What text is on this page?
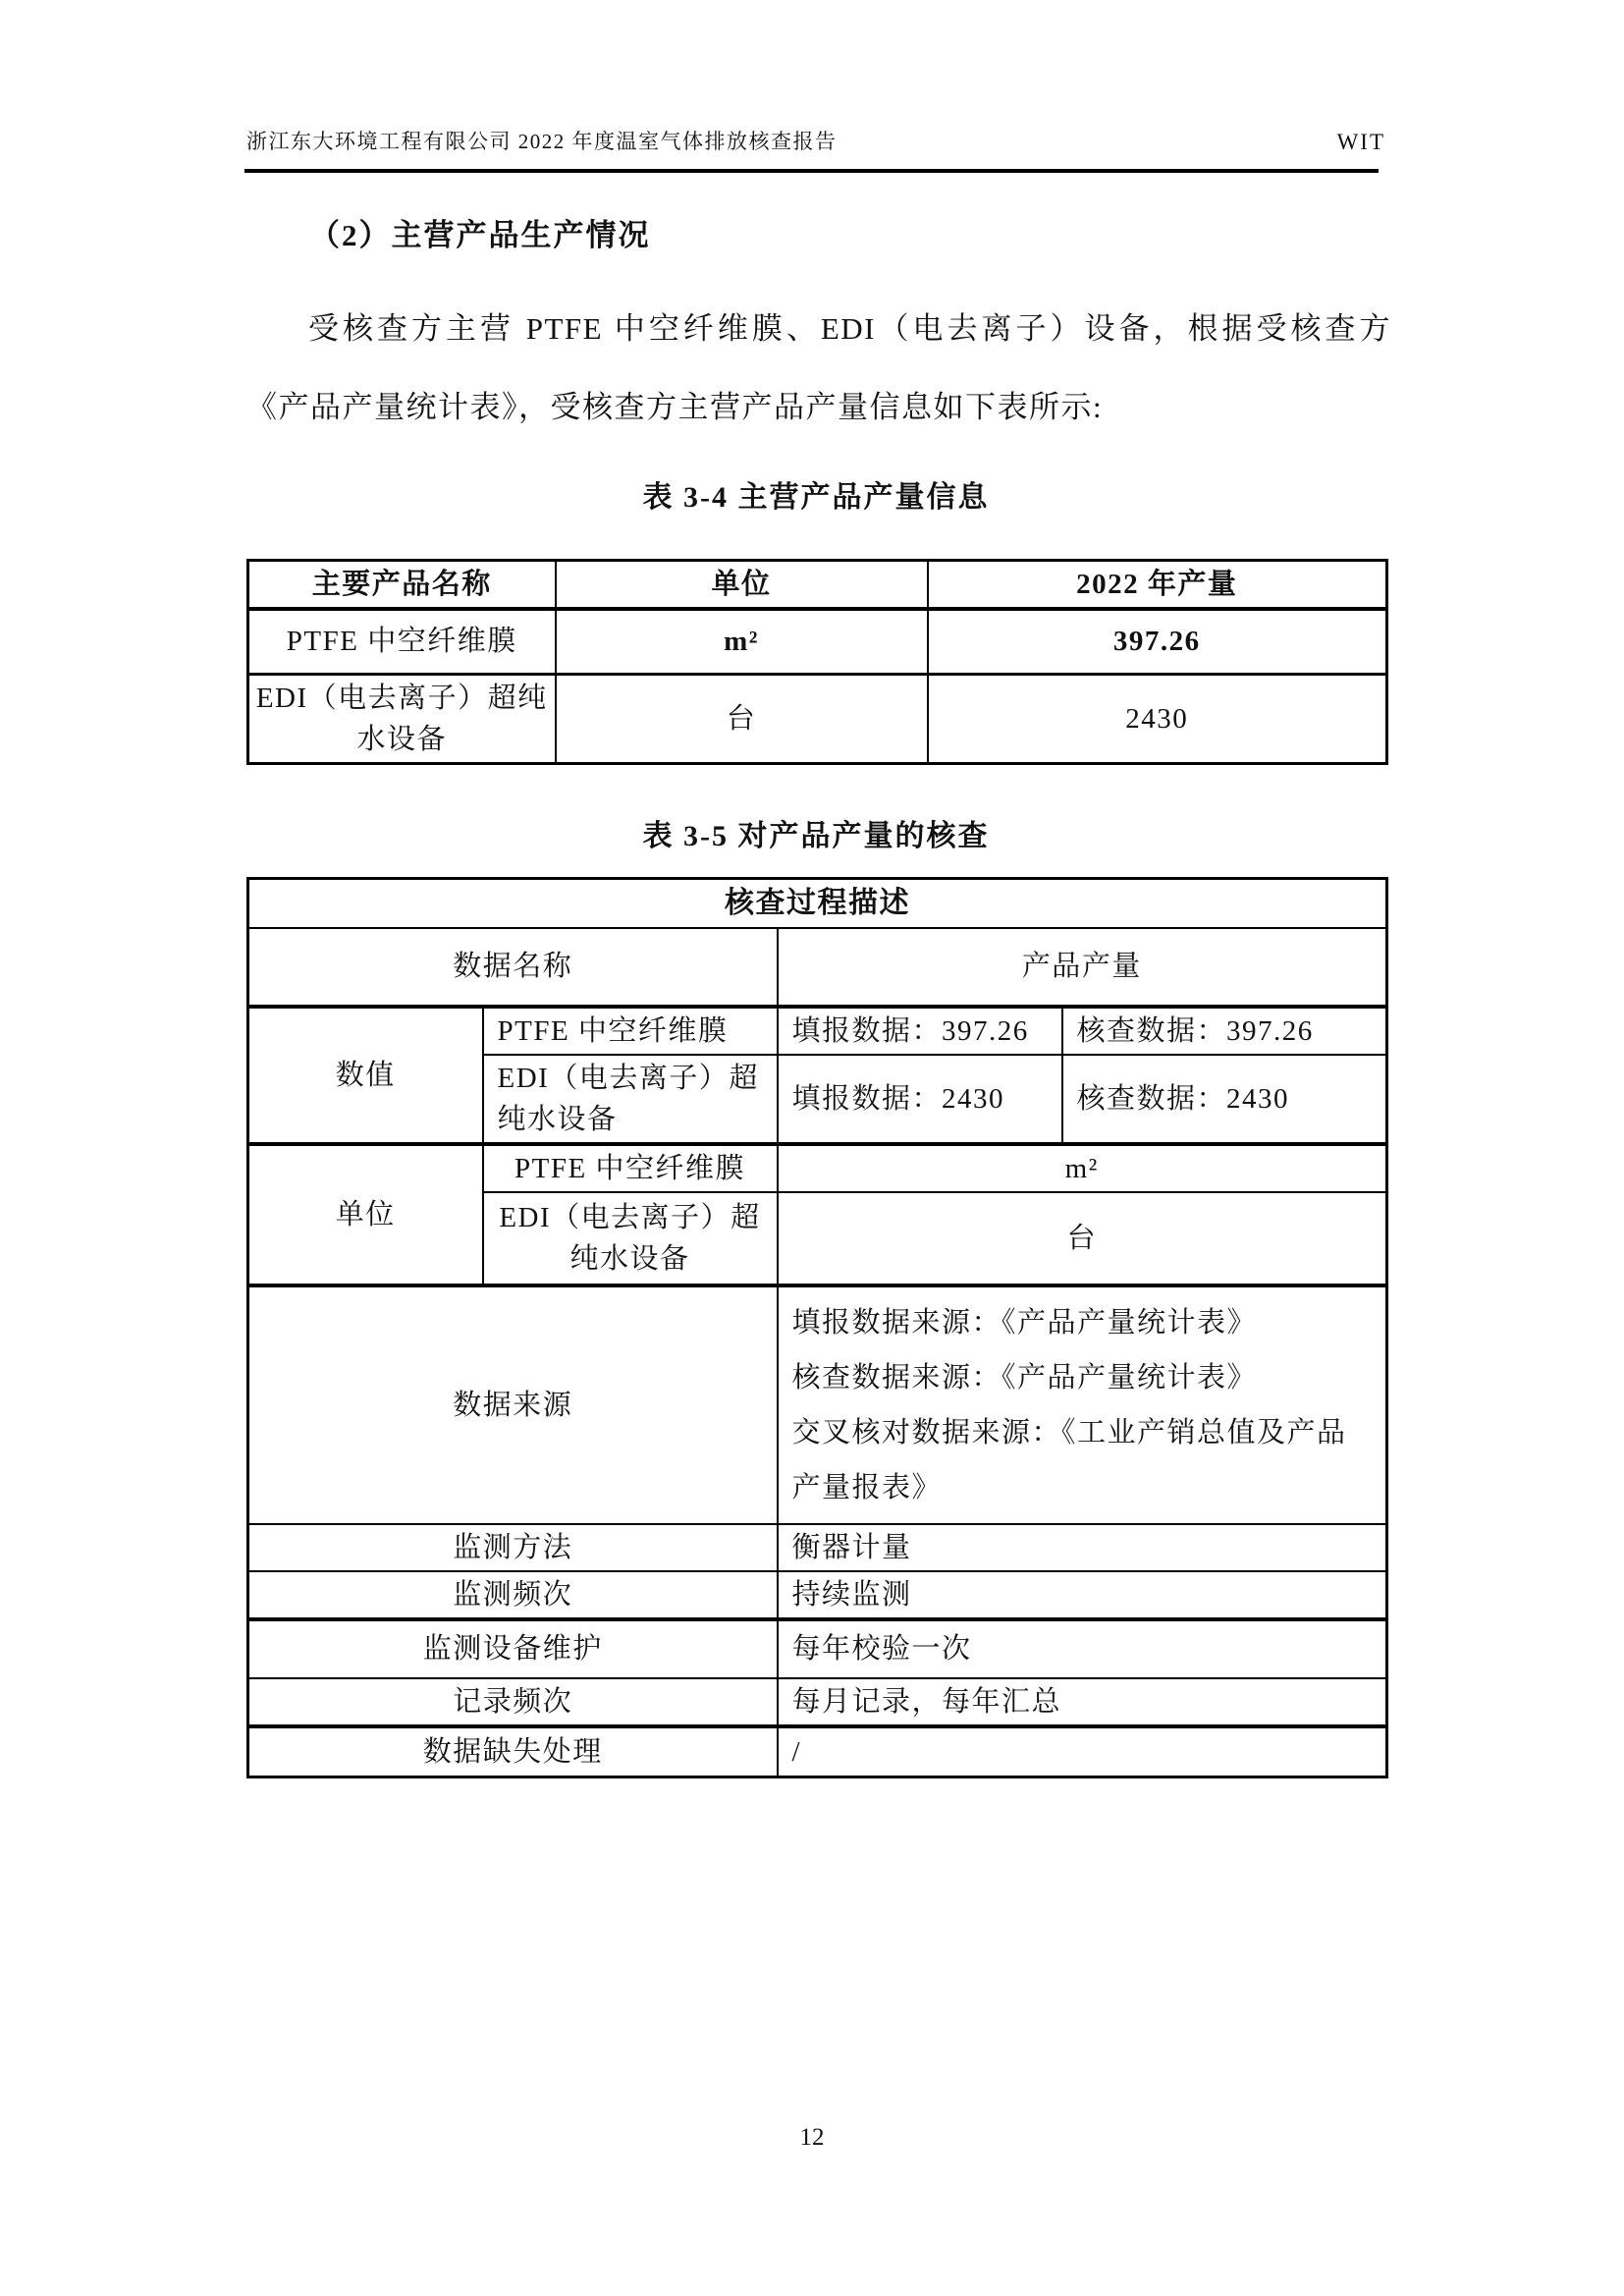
浙江东大环境工程有限公司 2022 年度温室气体排放核查报告	WIT
（2）主营产品生产情况
受核查方主营 PTFE 中空纤维膜、EDI（电去离子）设备，根据受核查方
《产品产量统计表》，受核查方主营产品产量信息如下表所示:
表 3-4 主营产品产量信息
主要产品名称	单位	2022 年产量
PTFE 中空纤维膜	m²	397.26
EDI（电去离子）超纯水设备	台	2430
表 3-5 对产品产量的核查
核查过程描述			
数据名称		产品产量	
数值	PTFE 中空纤维膜	填报数据：397.26	核查数据：397.26
	EDI（电去离子）超纯水设备	填报数据：2430	核查数据：2430
单位	PTFE 中空纤维膜	m²	
	EDI（电去离子）超纯水设备	台	
数据来源		填报数据来源：《产品产量统计表》
核查数据来源：《产品产量统计表》
交叉核对数据来源：《工业产销总值及产品产量报表》	

监测方法		衡器计量	
监测频次		持续监测	
监测设备维护		每年校验一次	
记录频次		每月记录，每年汇总	
数据缺失处理		/	
12
